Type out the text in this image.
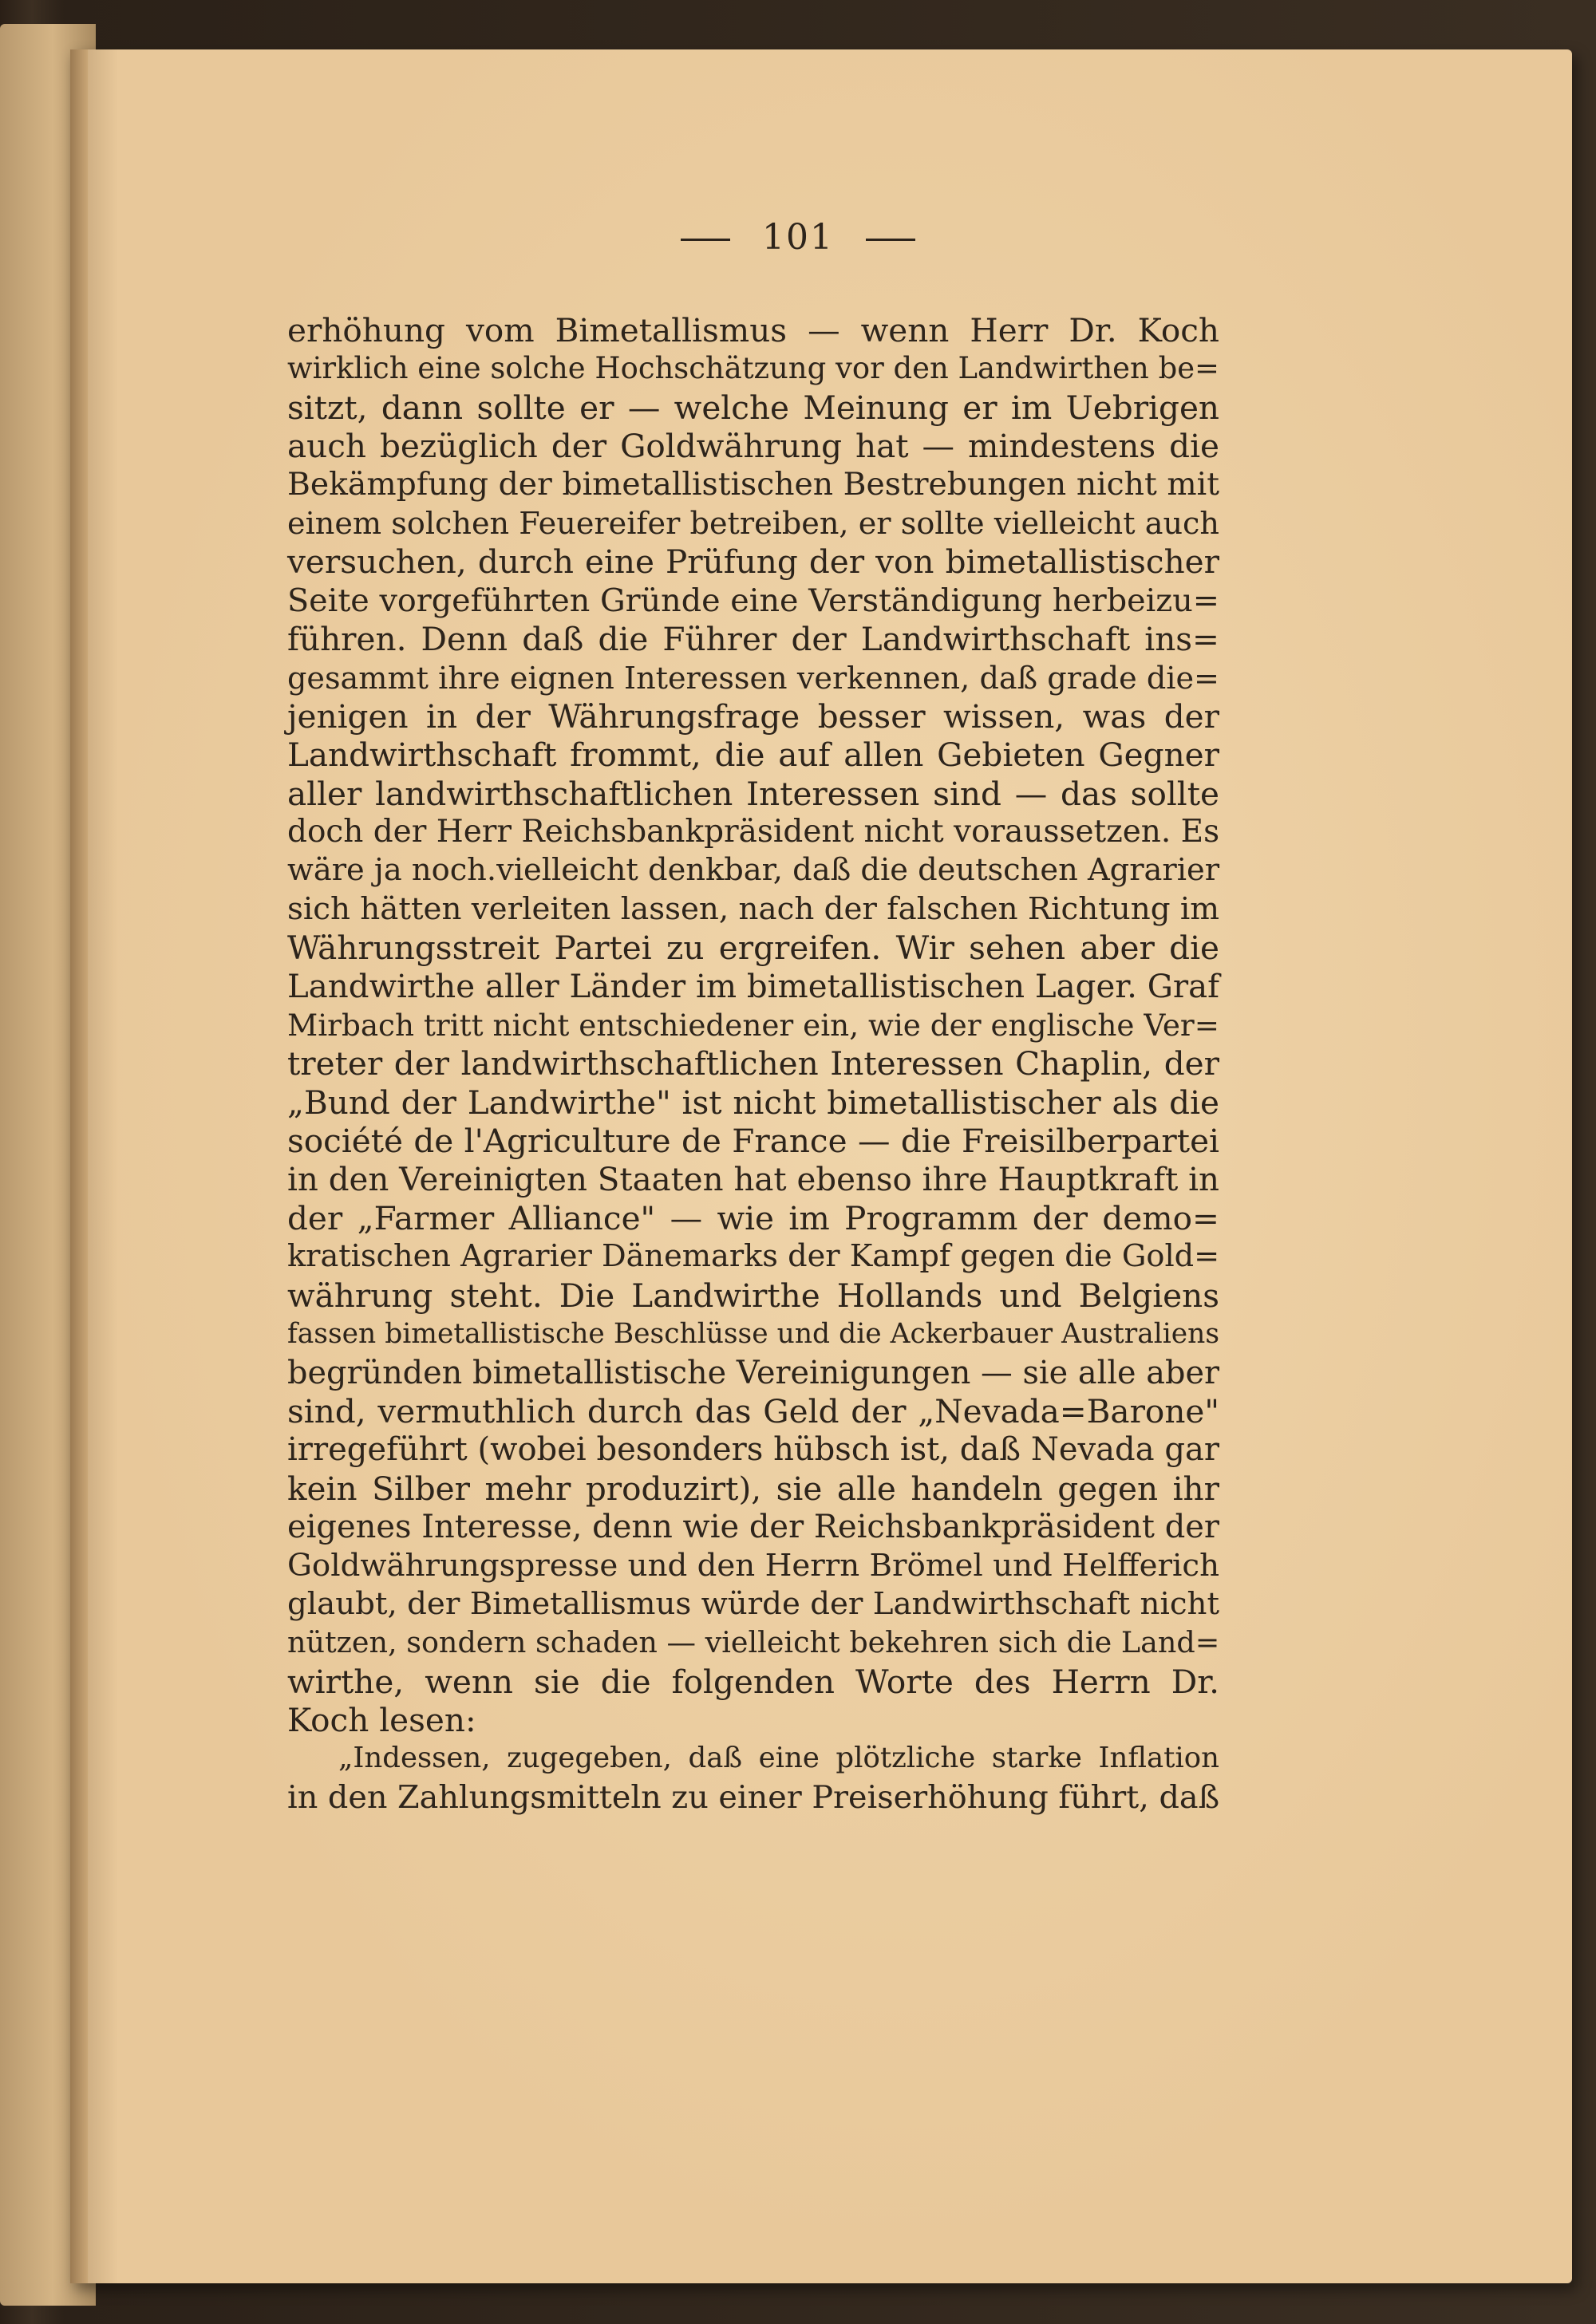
101
erhöhung vom Bimetallismus — wenn Herr Dr. Koch
wirklich eine solche Hochschätzung vor den Landwirthen be=
sitzt, dann sollte er — welche Meinung er im Uebrigen
auch bezüglich der Goldwährung hat — mindestens die
Bekämpfung der bimetallistischen Bestrebungen nicht mit
einem solchen Feuereifer betreiben, er sollte vielleicht auch
versuchen, durch eine Prüfung der von bimetallistischer
Seite vorgeführten Gründe eine Verständigung herbeizu=
führen. Denn daß die Führer der Landwirthschaft ins=
gesammt ihre eignen Interessen verkennen, daß grade die=
jenigen in der Währungsfrage besser wissen, was der
Landwirthschaft frommt, die auf allen Gebieten Gegner
aller landwirthschaftlichen Interessen sind — das sollte
doch der Herr Reichsbankpräsident nicht voraussetzen. Es
wäre ja noch.vielleicht denkbar, daß die deutschen Agrarier
sich hätten verleiten lassen, nach der falschen Richtung im
Währungsstreit Partei zu ergreifen. Wir sehen aber die
Landwirthe aller Länder im bimetallistischen Lager. Graf
Mirbach tritt nicht entschiedener ein, wie der englische Ver=
treter der landwirthschaftlichen Interessen Chaplin, der
„Bund der Landwirthe" ist nicht bimetallistischer als die
société de l'Agriculture de France — die Freisilberpartei
in den Vereinigten Staaten hat ebenso ihre Hauptkraft in
der „Farmer Alliance" — wie im Programm der demo=
kratischen Agrarier Dänemarks der Kampf gegen die Gold=
währung steht. Die Landwirthe Hollands und Belgiens
fassen bimetallistische Beschlüsse und die Ackerbauer Australiens
begründen bimetallistische Vereinigungen — sie alle aber
sind, vermuthlich durch das Geld der „Nevada=Barone"
irregeführt (wobei besonders hübsch ist, daß Nevada gar
kein Silber mehr produzirt), sie alle handeln gegen ihr
eigenes Interesse, denn wie der Reichsbankpräsident der
Goldwährungspresse und den Herrn Brömel und Helfferich
glaubt, der Bimetallismus würde der Landwirthschaft nicht
nützen, sondern schaden — vielleicht bekehren sich die Land=
wirthe, wenn sie die folgenden Worte des Herrn Dr.
Koch lesen:
„Indessen, zugegeben, daß eine plötzliche starke Inflation
in den Zahlungsmitteln zu einer Preiserhöhung führt, daß
